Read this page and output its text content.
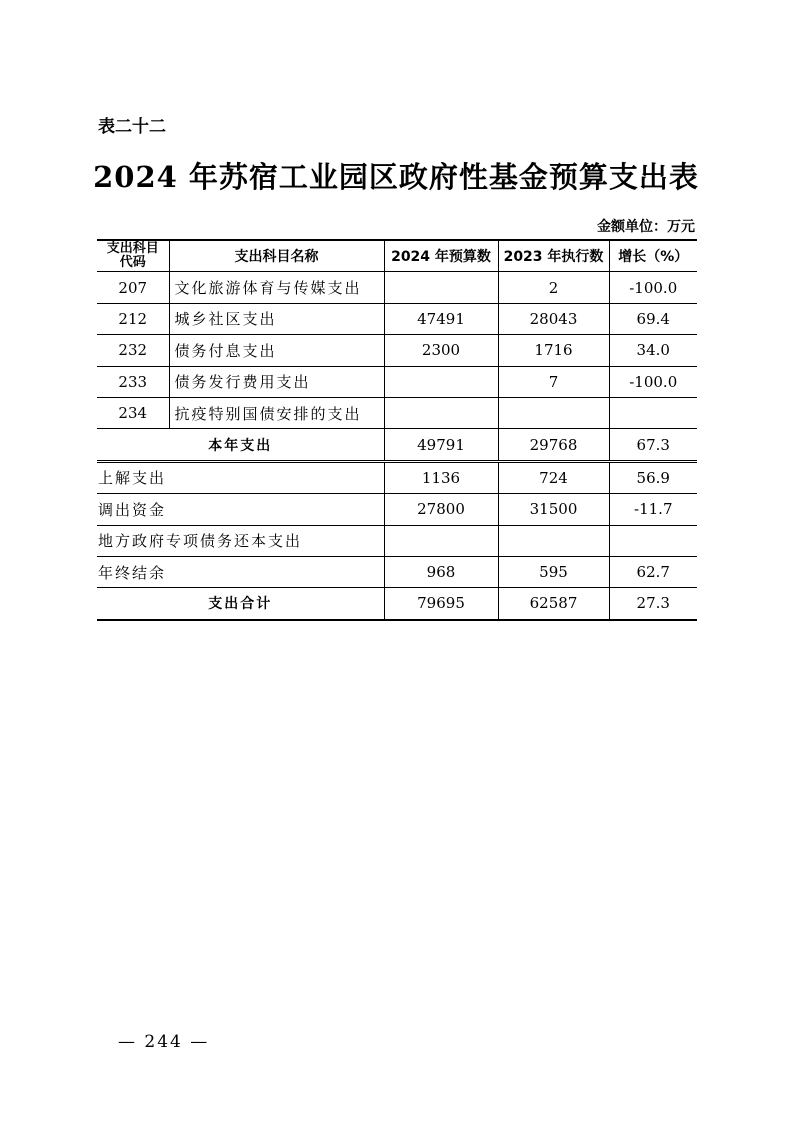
表二十二
2024 年苏宿工业园区政府性基金预算支出表
金额单位：万元
支出科目代码	支出科目名称	2024 年预算数	2023 年执行数	增长（%）
207	文化旅游体育与传媒支出		2	-100.0
212	城乡社区支出	47491	28043	69.4
232	债务付息支出	2300	1716	34.0
233	债务发行费用支出		7	-100.0
234	抗疫特别国债安排的支出			
本年支出		49791	29768	67.3
上解支出		1136	724	56.9
调出资金		27800	31500	-11.7
地方政府专项债务还本支出				
年终结余		968	595	62.7
支出合计		79695	62587	27.3
— 244 —
